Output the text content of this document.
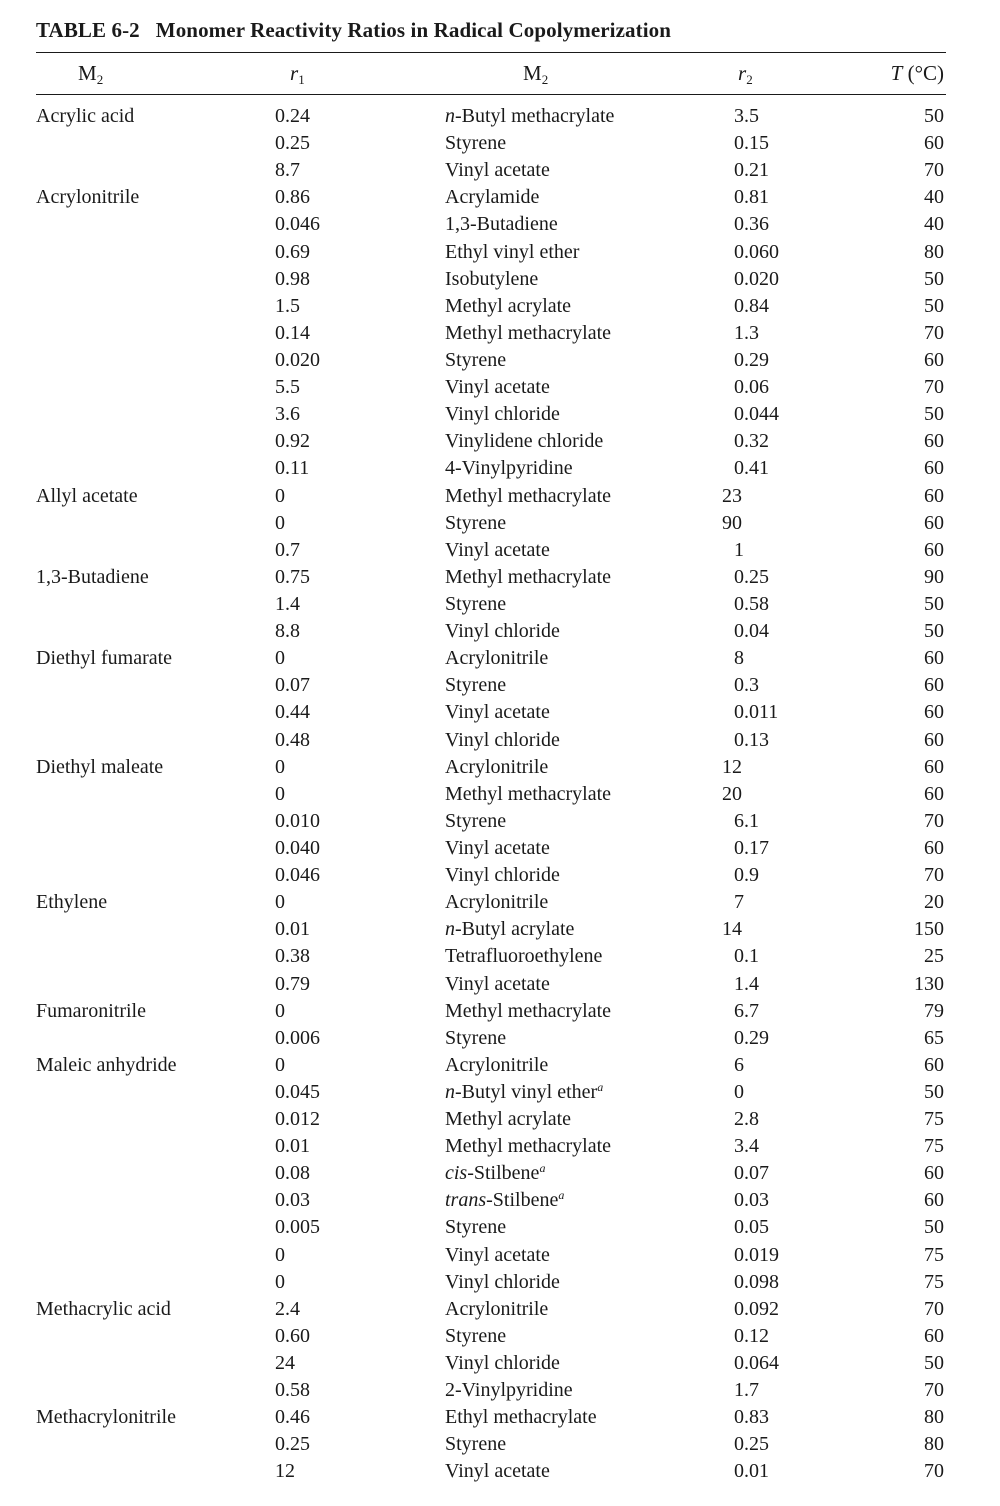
TABLE 6-2 Monomer Reactivity Ratios in Radical Copolymerization
$M_2$	$r_1$	$M_2$	$r_2$	T (°C)
Acrylic acid	0.24	n-Butyl methacrylate	3.5	50
0.25	Styrene	0.15	60
8.7	Vinyl acetate	0.21	70
Acrylonitrile	0.86	Acrylamide	0.81	40
0.046	1,3-Butadiene	0.36	40
0.69	Ethyl vinyl ether	0.060	80
0.98	Isobutylene	0.020	50
1.5	Methyl acrylate	0.84	50
0.14	Methyl methacrylate	1.3	70
0.020	Styrene	0.29	60
5.5	Vinyl acetate	0.06	70
3.6	Vinyl chloride	0.044	50
0.92	Vinylidene chloride	0.32	60
0.11	4-Vinylpyridine	0.41	60
Allyl acetate	0	Methyl methacrylate	23	60
0	Styrene	90	60
0.7	Vinyl acetate	1	60
1,3-Butadiene	0.75	Methyl methacrylate	0.25	90
1.4	Styrene	0.58	50
8.8	Vinyl chloride	0.04	50
Diethyl fumarate	0	Acrylonitrile	8	60
0.07	Styrene	0.3	60
0.44	Vinyl acetate	0.011	60
0.48	Vinyl chloride	0.13	60
Diethyl maleate	0	Acrylonitrile	12	60
0	Methyl methacrylate	20	60
0.010	Styrene	6.1	70
0.040	Vinyl acetate	0.17	60
0.046	Vinyl chloride	0.9	70
Ethylene	0	Acrylonitrile	7	20
0.01	n-Butyl acrylate	14	150
0.38	Tetrafluoroethylene	0.1	25
0.79	Vinyl acetate	1.4	130
Fumaronitrile	0	Methyl methacrylate	6.7	79
0.006	Styrene	0.29	65
Maleic anhydride	0	Acrylonitrile	6	60
0.045	n-Butyl vinyl ether$^a$	0	50
0.012	Methyl acrylate	2.8	75
0.01	Methyl methacrylate	3.4	75
0.08	cis-Stilbene$^a$	0.07	60
0.03	trans-Stilbene$^a$	0.03	60
0.005	Styrene	0.05	50
0	Vinyl acetate	0.019	75
0	Vinyl chloride	0.098	75
Methacrylic acid	2.4	Acrylonitrile	0.092	70
0.60	Styrene	0.12	60
24	Vinyl chloride	0.064	50
0.58	2-Vinylpyridine	1.7	70
Methacrylonitrile	0.46	Ethyl methacrylate	0.83	80
0.25	Styrene	0.25	80
12	Vinyl acetate	0.01	70
